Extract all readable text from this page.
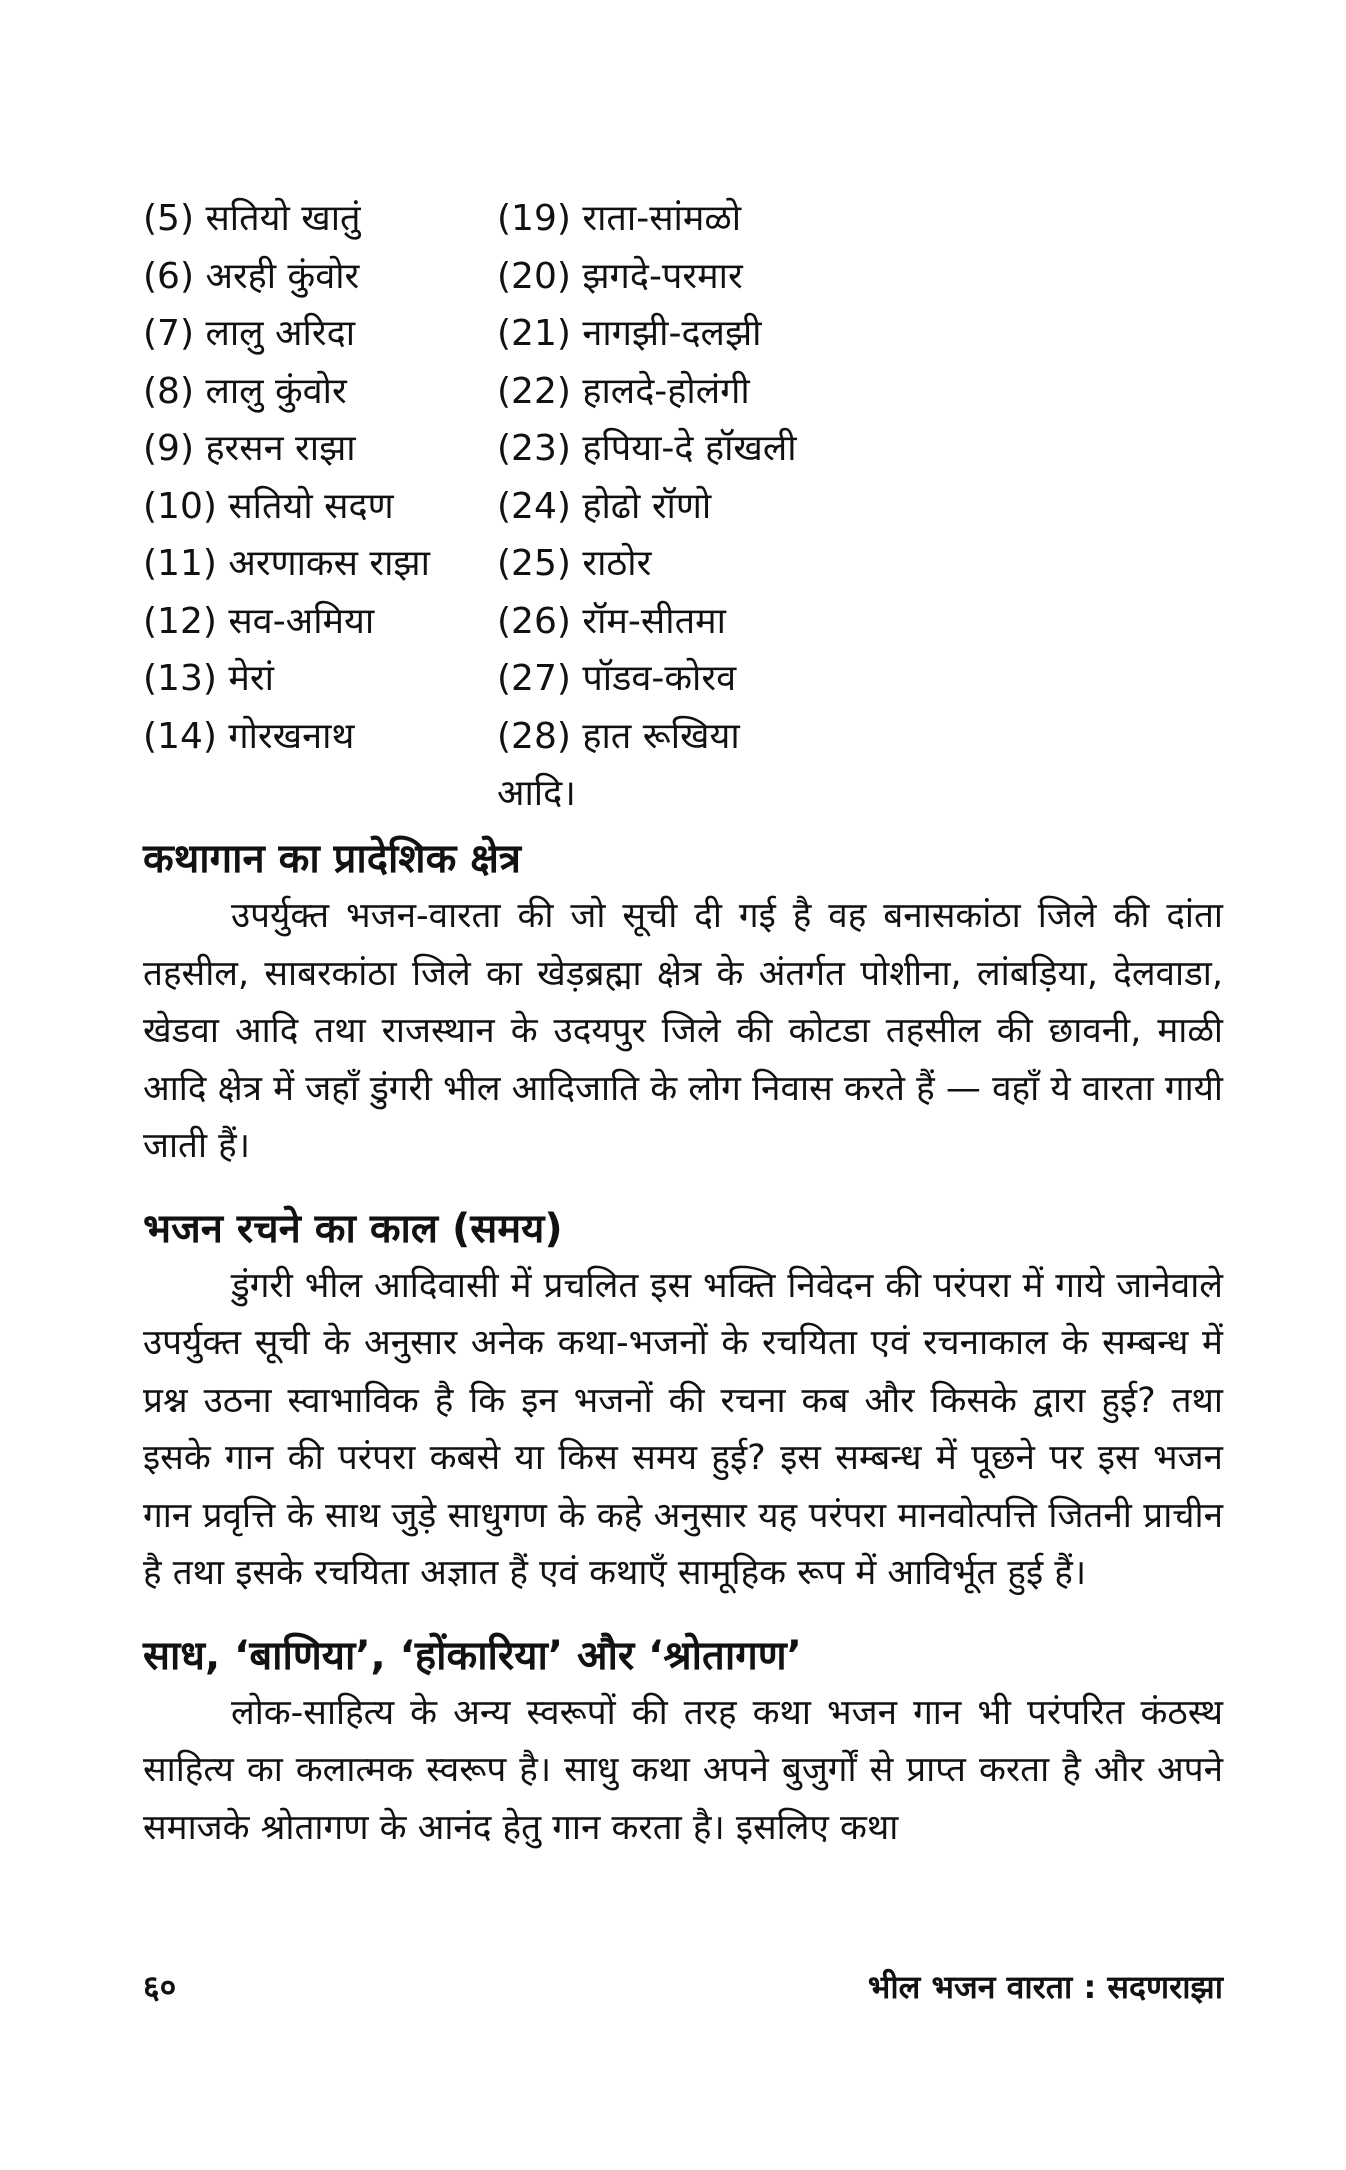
(5) सतियो खातुं
(6) अरही कुंवोर
(7) लालु अरिदा
(8) लालु कुंवोर
(9) हरसन राझा
(10) सतियो सदण
(11) अरणाकस राझा
(12) सव-अमिया
(13) मेरां
(14) गोरखनाथ
(19) राता-सांमळो
(20) झगदे-परमार
(21) नागझी-दलझी
(22) हालदे-होलंगी
(23) हपिया-दे हॉखली
(24) होढो रॉणो
(25) राठोर
(26) रॉम-सीतमा
(27) पॉडव-कोरव
(28) हात रूखिया
आदि।
कथागान का प्रादेशिक क्षेत्र

उपर्युक्त भजन-वारता की जो सूची दी गई है वह बनासकांठा जिले की दांता तहसील, साबरकांठा जिले का खेड़ब्रह्मा क्षेत्र के अंतर्गत पोशीना, लांबड़िया, देलवाडा, खेडवा आदि तथा राजस्थान के उदयपुर जिले की कोटडा तहसील की छावनी, माळी आदि क्षेत्र में जहाँ डुंगरी भील आदिजाति के लोग निवास करते हैं — वहाँ ये वारता गायी जाती हैं।

भजन रचने का काल (समय)

डुंगरी भील आदिवासी में प्रचलित इस भक्ति निवेदन की परंपरा में गाये जानेवाले उपर्युक्त सूची के अनुसार अनेक कथा-भजनों के रचयिता एवं रचनाकाल के सम्बन्ध में प्रश्न उठना स्वाभाविक है कि इन भजनों की रचना कब और किसके द्वारा हुई? तथा इसके गान की परंपरा कबसे या किस समय हुई? इस सम्बन्ध में पूछने पर इस भजन गान प्रवृत्ति के साथ जुड़े साधुगण के कहे अनुसार यह परंपरा मानवोत्पत्ति जितनी प्राचीन है तथा इसके रचयिता अज्ञात हैं एवं कथाएँ सामूहिक रूप में आविर्भूत हुई हैं।

साध, ‘बाणिया’, ‘होंकारिया’ और ‘श्रोतागण’

लोक-साहित्य के अन्य स्वरूपों की तरह कथा भजन गान भी परंपरित कंठस्थ साहित्य का कलात्मक स्वरूप है। साधु कथा अपने बुजुर्गों से प्राप्त करता है और अपने समाजके श्रोतागण के आनंद हेतु गान करता है। इसलिए कथा

६०	भील भजन वारता : सदणराझा
